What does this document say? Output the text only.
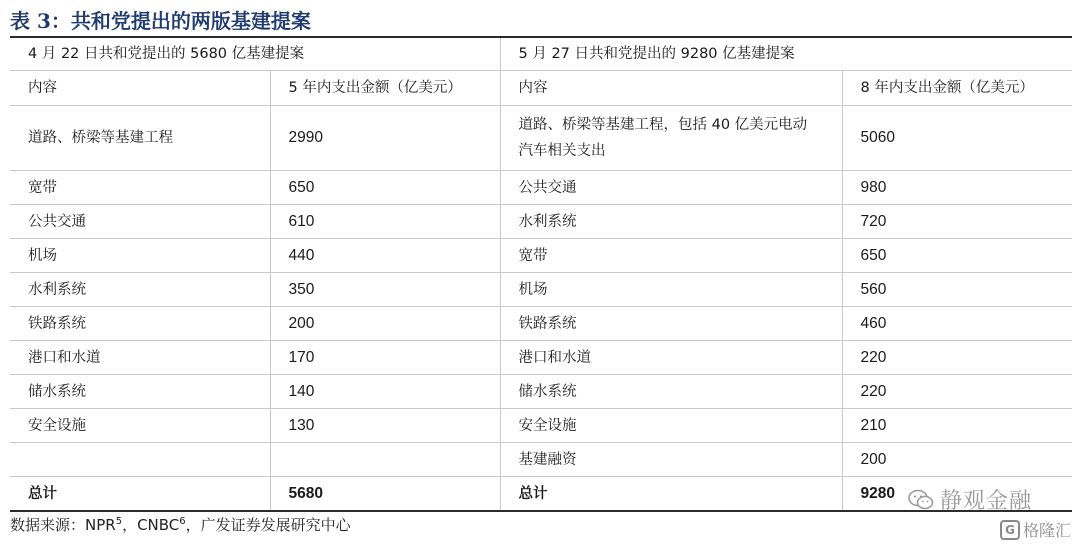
表 3：共和党提出的两版基建提案
4 月 22 日共和党提出的 5680 亿基建提案		5 月 27 日共和党提出的 9280 亿基建提案	
内容	5 年内支出金额（亿美元）	内容	8 年内支出金额（亿美元）
道路、桥梁等基建工程	2990	道路、桥梁等基建工程，包括 40 亿美元电动汽车相关支出	5060
宽带	650	公共交通	980
公共交通	610	水利系统	720
机场	440	宽带	650
水利系统	350	机场	560
铁路系统	200	铁路系统	460
港口和水道	170	港口和水道	220
储水系统	140	储水系统	220
安全设施	130	安全设施	210
		基建融资	200
总计	5680	总计	9280
数据来源：NPR$^5$，CNBC$^6$，广发证券发展研究中心
静观金融
G 格隆汇
